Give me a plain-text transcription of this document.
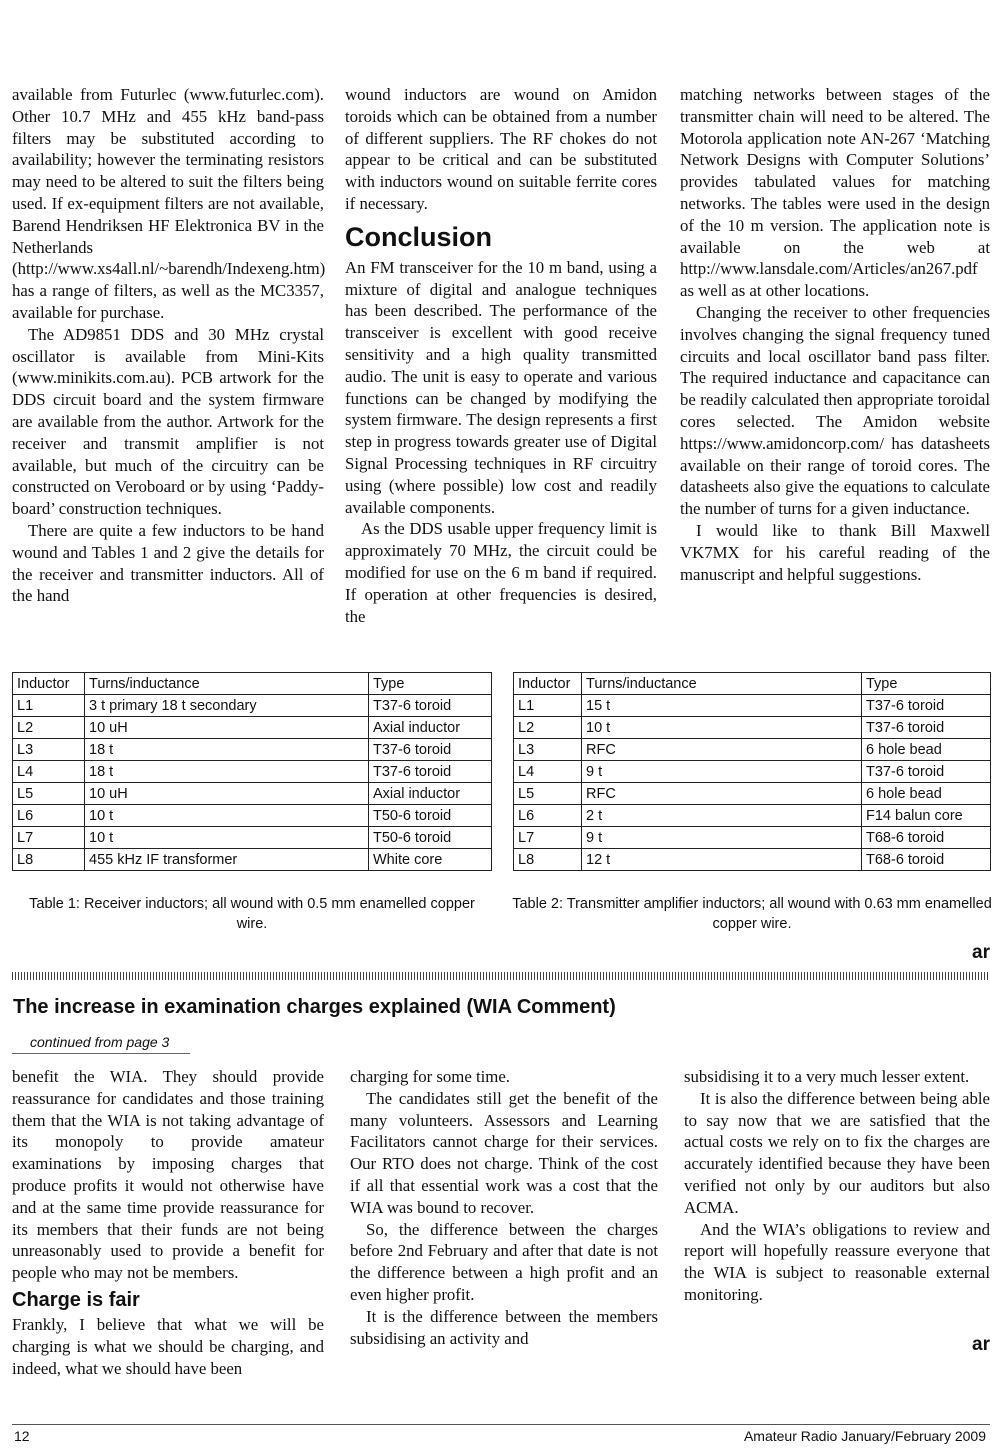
available from Futurlec (www.futurlec.com). Other 10.7 MHz and 455 kHz band-pass filters may be substituted according to availability; however the terminating resistors may need to be altered to suit the filters being used. If ex-equipment filters are not available, Barend Hendriksen HF Elektronica BV in the Netherlands (http://www.xs4all.nl/~barendh/Indexeng.htm) has a range of filters, as well as the MC3357, available for purchase.

The AD9851 DDS and 30 MHz crystal oscillator is available from Mini-Kits (www.minikits.com.au). PCB artwork for the DDS circuit board and the system firmware are available from the author. Artwork for the receiver and transmit amplifier is not available, but much of the circuitry can be constructed on Veroboard or by using ‘Paddy-board’ construction techniques.

There are quite a few inductors to be hand wound and Tables 1 and 2 give the details for the receiver and transmitter inductors. All of the hand

wound inductors are wound on Amidon toroids which can be obtained from a number of different suppliers. The RF chokes do not appear to be critical and can be substituted with inductors wound on suitable ferrite cores if necessary.

Conclusion

An FM transceiver for the 10 m band, using a mixture of digital and analogue techniques has been described. The performance of the transceiver is excellent with good receive sensitivity and a high quality transmitted audio. The unit is easy to operate and various functions can be changed by modifying the system firmware. The design represents a first step in progress towards greater use of Digital Signal Processing techniques in RF circuitry using (where possible) low cost and readily available components.

As the DDS usable upper frequency limit is approximately 70 MHz, the circuit could be modified for use on the 6 m band if required. If operation at other frequencies is desired, the

matching networks between stages of the transmitter chain will need to be altered. The Motorola application note AN-267 ‘Matching Network Designs with Computer Solutions’ provides tabulated values for matching networks. The tables were used in the design of the 10 m version. The application note is available on the web at http://www.lansdale.com/Articles/an267.pdf as well as at other locations.

Changing the receiver to other frequencies involves changing the signal frequency tuned circuits and local oscillator band pass filter. The required inductance and capacitance can be readily calculated then appropriate toroidal cores selected. The Amidon website https://www.amidoncorp.com/ has datasheets available on their range of toroid cores. The datasheets also give the equations to calculate the number of turns for a given inductance.

I would like to thank Bill Maxwell VK7MX for his careful reading of the manuscript and helpful suggestions.

Inductor	Turns/inductance	Type
L1	3 t primary 18 t secondary	T37-6 toroid
L2	10 uH	Axial inductor
L3	18 t	T37-6 toroid
L4	18 t	T37-6 toroid
L5	10 uH	Axial inductor
L6	10 t	T50-6 toroid
L7	10 t	T50-6 toroid
L8	455 kHz IF transformer	White core
Inductor	Turns/inductance	Type
L1	15 t	T37-6 toroid
L2	10 t	T37-6 toroid
L3	RFC	6 hole bead
L4	9 t	T37-6 toroid
L5	RFC	6 hole bead
L6	2 t	F14 balun core
L7	9 t	T68-6 toroid
L8	12 t	T68-6 toroid
Table 1: Receiver inductors; all wound with 0.5 mm enamelled copper wire.
Table 2: Transmitter amplifier inductors; all wound with 0.63 mm enamelled copper wire.
ar
The increase in examination charges explained (WIA Comment)
continued from page 3

benefit the WIA. They should provide reassurance for candidates and those training them that the WIA is not taking advantage of its monopoly to provide amateur examinations by imposing charges that produce profits it would not otherwise have and at the same time provide reassurance for its members that their funds are not being unreasonably used to provide a benefit for people who may not be members.

Charge is fair

Frankly, I believe that what we will be charging is what we should be charging, and indeed, what we should have been

charging for some time.

The candidates still get the benefit of the many volunteers. Assessors and Learning Facilitators cannot charge for their services. Our RTO does not charge. Think of the cost if all that essential work was a cost that the WIA was bound to recover.

So, the difference between the charges before 2nd February and after that date is not the difference between a high profit and an even higher profit.

It is the difference between the members subsidising an activity and

subsidising it to a very much lesser extent.

It is also the difference between being able to say now that we are satisfied that the actual costs we rely on to fix the charges are accurately identified because they have been verified not only by our auditors but also ACMA.

And the WIA’s obligations to review and report will hopefully reassure everyone that the WIA is subject to reasonable external monitoring.

ar
12	Amateur Radio January/February 2009
